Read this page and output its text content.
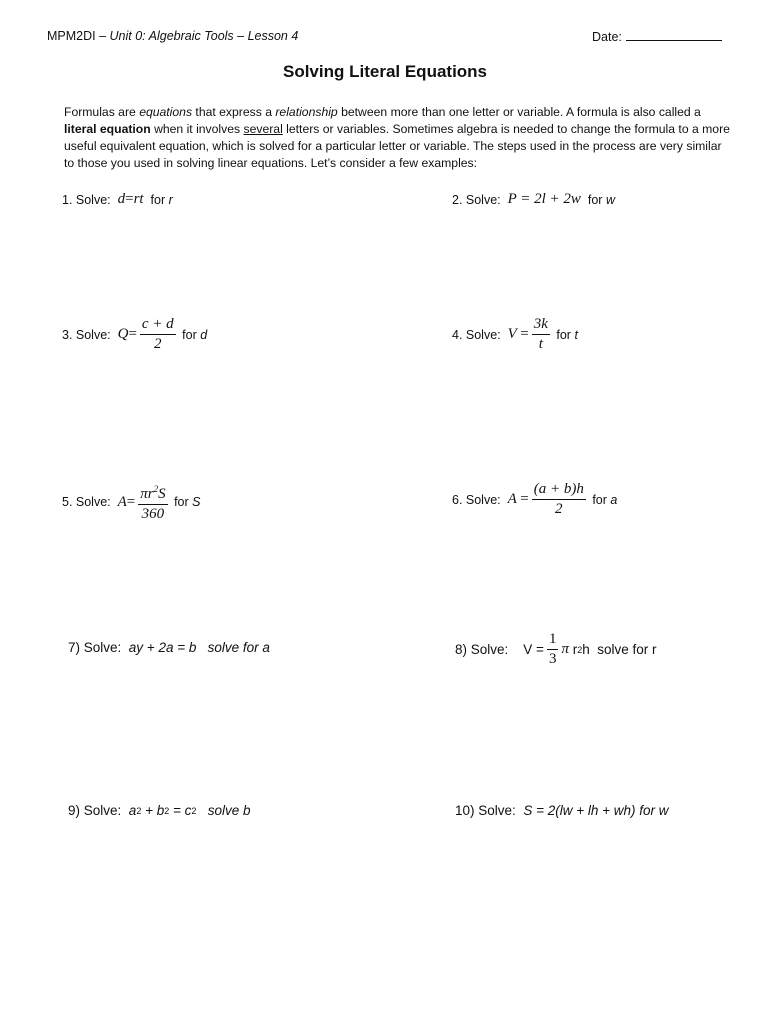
MPM2DI – Unit 0: Algebraic Tools – Lesson 4	Date:
Solving Literal Equations

Formulas are equations that express a relationship between more than one letter or variable. A formula is also called a literal equation when it involves several letters or variables. Sometimes algebra is needed to change the formula to a more useful equivalent equation, which is solved for a particular letter or variable. The steps used in the process are very similar to those you used in solving linear equations. Let’s consider a few examples:

1. Solve:
d = rt
for
r	2. Solve:
P = 2l + 2w
for
w
3. Solve:
$Q = \frac{c + d}{2}$
for
d	4. Solve:
V
= $\frac{3k}{t}$
for
t
5. Solve:
$A = \frac{\pi r^2S}{360}$
for
S	6. Solve:
A
= $\frac{(a + b)h}{2}$
for
a
7) Solve:
ay + 2a = b
solve for a	8) Solve:
$V = \frac{1}{3}$ π
r 2 h
solve for r
9) Solve:
a 2
+ b 2
= c 2
solve b	10) Solve:
S = 2(lw + lh + wh) for w
